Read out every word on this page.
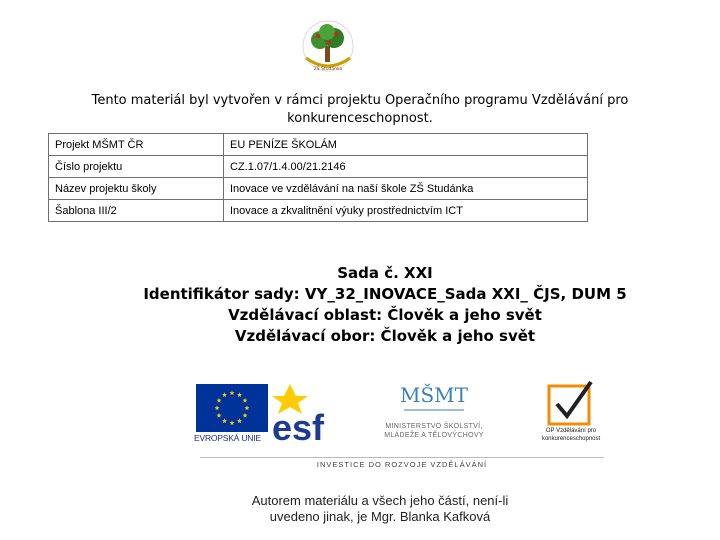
ZŠ Studánka
Tento materiál byl vytvořen v rámci projektu Operačního programu Vzdělávání pro konkurenceschopnost.
Projekt MŠMT ČR	EU PENÍZE ŠKOLÁM
Číslo projektu	CZ.1.07/1.4.00/21.2146
Název projektu školy	Inovace ve vzdělávání na naší škole ZŠ Studánka
Šablona III/2	Inovace a zkvalitnění výuky prostřednictvím ICT
Sada č. XXI
Identifikátor sady: VY_32_INOVACE_Sada XXI_ ČJS, DUM 5
Vzdělávací oblast: Člověk a jeho svět
Vzdělávací obor: Člověk a jeho svět
EVROPSKÁ UNIE esf
MŠMT
MINISTERSTVO ŠKOLSTVÍ, MLÁDEŽE A TĚLOVÝCHOVY
OP Vzdělávání pro konkurenceschopnost
INVESTICE DO ROZVOJE VZDĚLÁVÁNÍ
Autorem materiálu a všech jeho částí, není-li uvedeno jinak, je Mgr. Blanka Kafková
